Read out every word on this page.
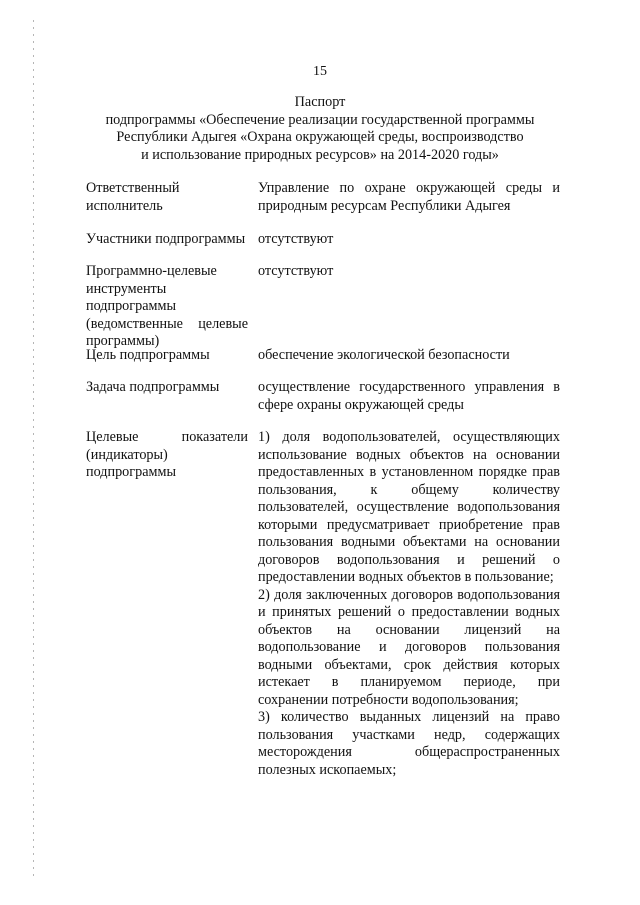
15
Паспорт
подпрограммы «Обеспечение реализации государственной программы
Республики Адыгея «Охрана окружающей среды, воспроизводство
и использование природных ресурсов» на 2014-2020 годы»
Ответственный исполнитель
Управление по охране окружающей среды и природным ресурсам Республики Адыгея
Участники подпрограммы отсутствуют
Программно-целевые инструменты подпрограммы (ведомственные целевые программы)
отсутствуют
Цель подпрограммы	обеспечение экологической безопасности
Задача подпрограммы	осуществление государственного управления в сфере охраны окружающей среды
Целевые показатели (индикаторы) подпрограммы
1) доля водопользователей, осуществляющих использование водных объектов на основании предоставленных в установленном порядке прав пользования, к общему количеству пользователей, осуществление водопользования которыми предусматривает приобретение прав пользования водными объектами на основании договоров водопользования и решений о предоставлении водных объектов в пользование;
2) доля заключенных договоров водопользования и принятых решений о предоставлении водных объектов на основании лицензий на водопользование и договоров пользования водными объектами, срок действия которых истекает в планируемом периоде, при сохранении потребности водопользования;
3) количество выданных лицензий на право пользования участками недр, содержащих месторождения общераспространенных полезных ископаемых;
